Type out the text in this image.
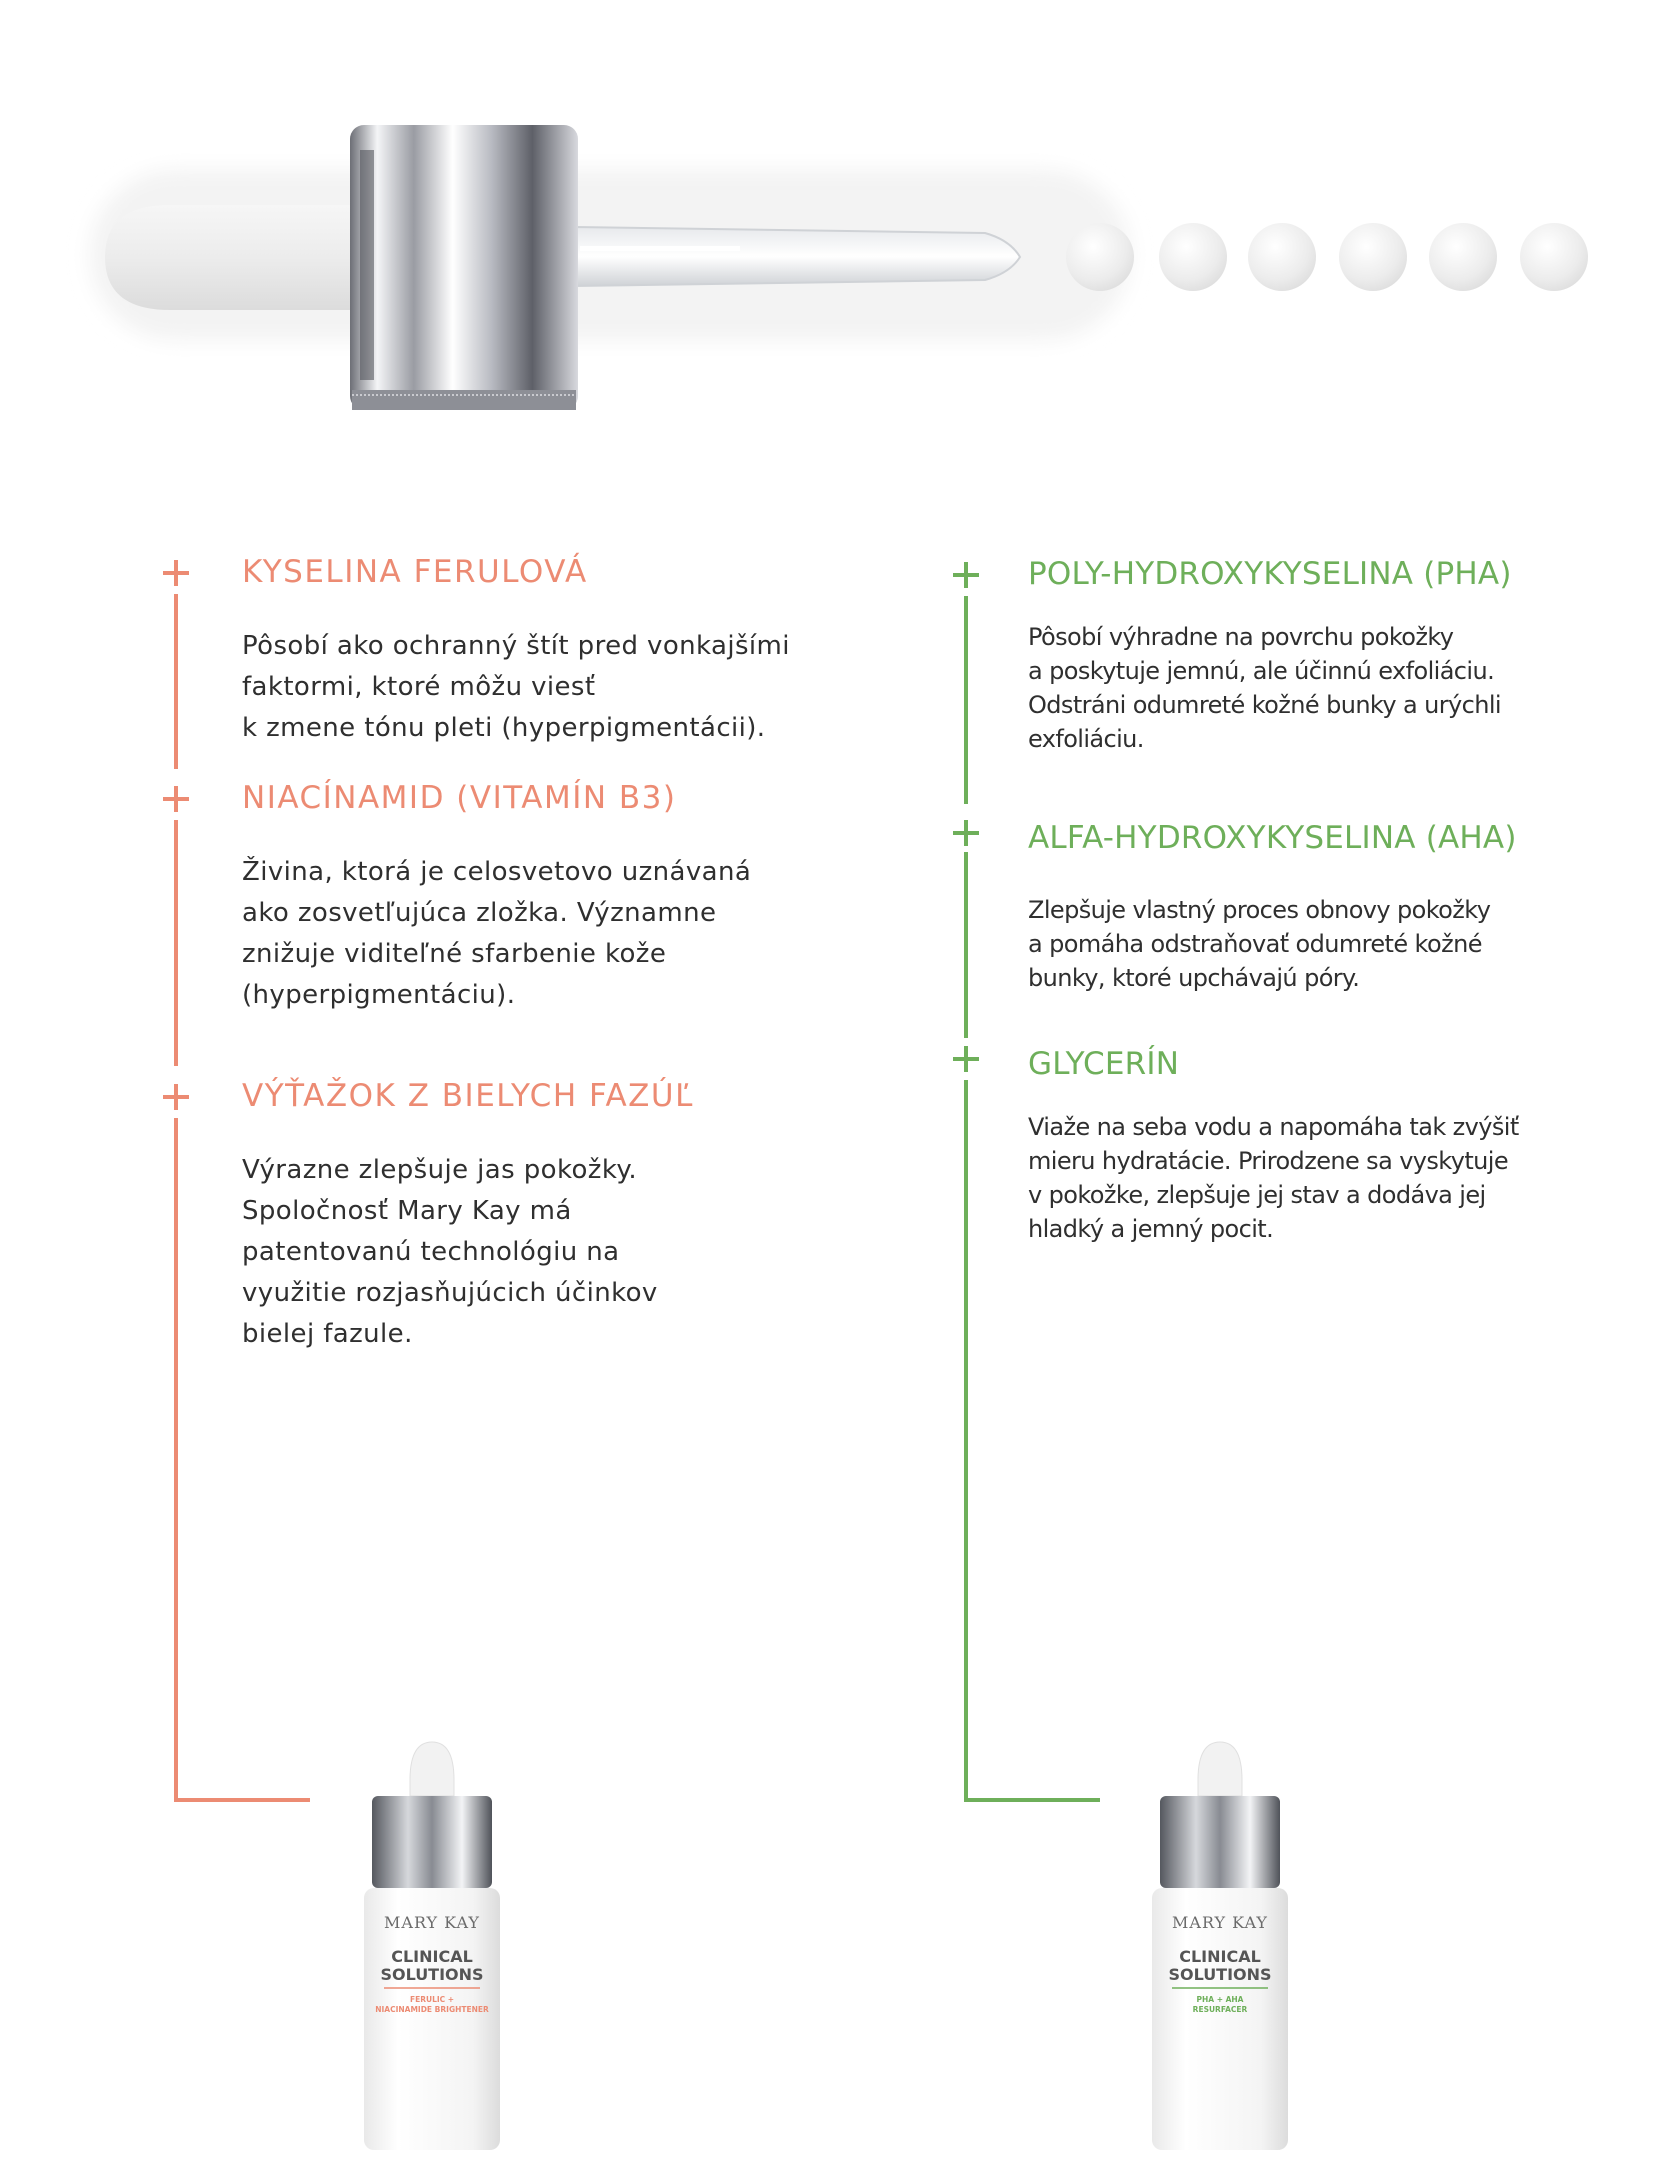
KYSELINA FERULOVÁ
Pôsobí ako ochranný štít pred vonkajšími
faktormi, ktoré môžu viesť
k zmene tónu pleti (hyperpigmentácii).
NIACÍNAMID (VITAMÍN B3)
Živina, ktorá je celosvetovo uznávaná
ako zosvetľujúca zložka. Významne
znižuje viditeľné sfarbenie kože
(hyperpigmentáciu).
VÝŤAŽOK Z BIELYCH FAZÚĽ
Výrazne zlepšuje jas pokožky.
Spoločnosť Mary Kay má
patentovanú technológiu na
využitie rozjasňujúcich účinkov
bielej fazule.
POLY-HYDROXYKYSELINA (PHA)
Pôsobí výhradne na povrchu pokožky
a poskytuje jemnú, ale účinnú exfoliáciu.
Odstráni odumreté kožné bunky a urýchli
exfoliáciu.
ALFA-HYDROXYKYSELINA (AHA)
Zlepšuje vlastný proces obnovy pokožky
a pomáha odstraňovať odumreté kožné
bunky, ktoré upchávajú póry.
GLYCERÍN
Viaže na seba vodu a napomáha tak zvýšiť
mieru hydratácie. Prirodzene sa vyskytuje
v pokožke, zlepšuje jej stav a dodáva jej
hladký a jemný pocit.
MARY KAY
CLINICAL
SOLUTIONS
FERULIC +
NIACINAMIDE BRIGHTENER
MARY KAY
CLINICAL
SOLUTIONS
PHA + AHA
RESURFACER
